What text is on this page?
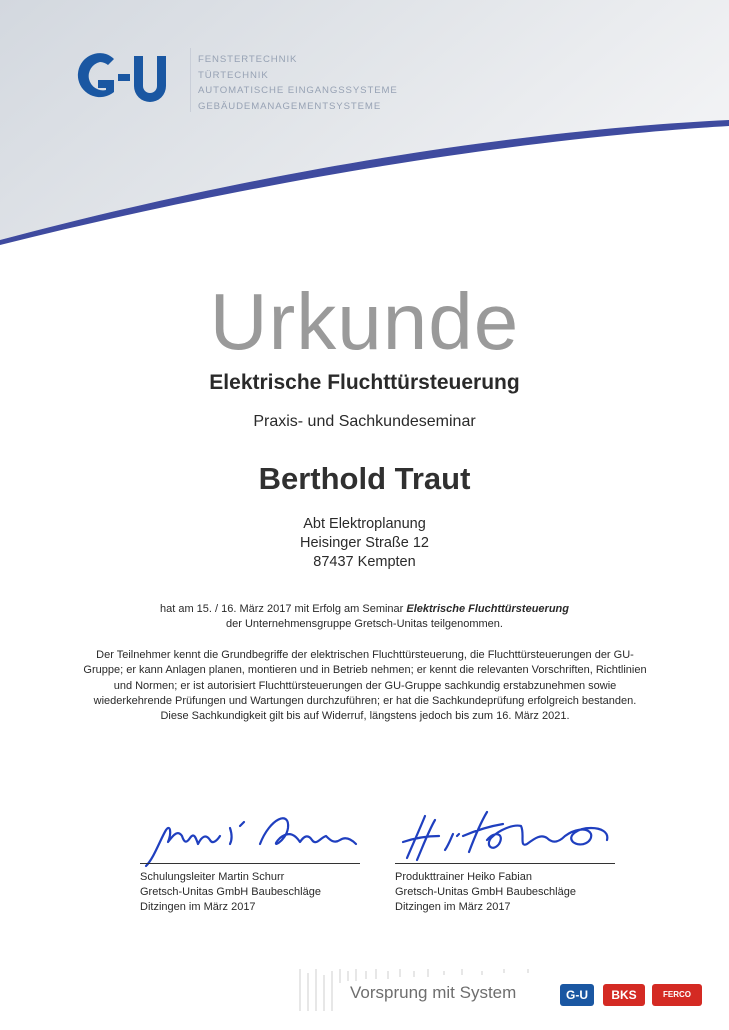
FENSTERTECHNIK
TÜRTECHNIK
AUTOMATISCHE EINGANGSSYSTEME
GEBÄUDEMANAGEMENTSYSTEME
Urkunde
Elektrische Fluchttürsteuerung
Praxis- und Sachkundeseminar
Berthold Traut
Abt Elektroplanung
Heisinger Straße 12
87437 Kempten
hat am 15. / 16. März 2017 mit Erfolg am Seminar Elektrische Fluchttürsteuerung
der Unternehmensgruppe Gretsch-Unitas teilgenommen.

Der Teilnehmer kennt die Grundbegriffe der elektrischen Fluchttürsteuerung, die Fluchttürsteuerungen der GU-Gruppe; er kann Anlagen planen, montieren und in Betrieb nehmen; er kennt die relevanten Vorschriften, Richtlinien und Normen; er ist autorisiert Fluchttürsteuerungen der GU-Gruppe sachkundig erstabzunehmen sowie wiederkehrende Prüfungen und Wartungen durchzuführen; er hat die Sachkundeprüfung erfolgreich bestanden. Diese Sachkundigkeit gilt bis auf Widerruf, längstens jedoch bis zum 16. März 2021.

Schulungsleiter Martin Schurr
Gretsch-Unitas GmbH Baubeschläge
Ditzingen im März 2017
Produkttrainer Heiko Fabian
Gretsch-Unitas GmbH Baubeschläge
Ditzingen im März 2017
Vorsprung mit System	G-U	BKS	FERCO
